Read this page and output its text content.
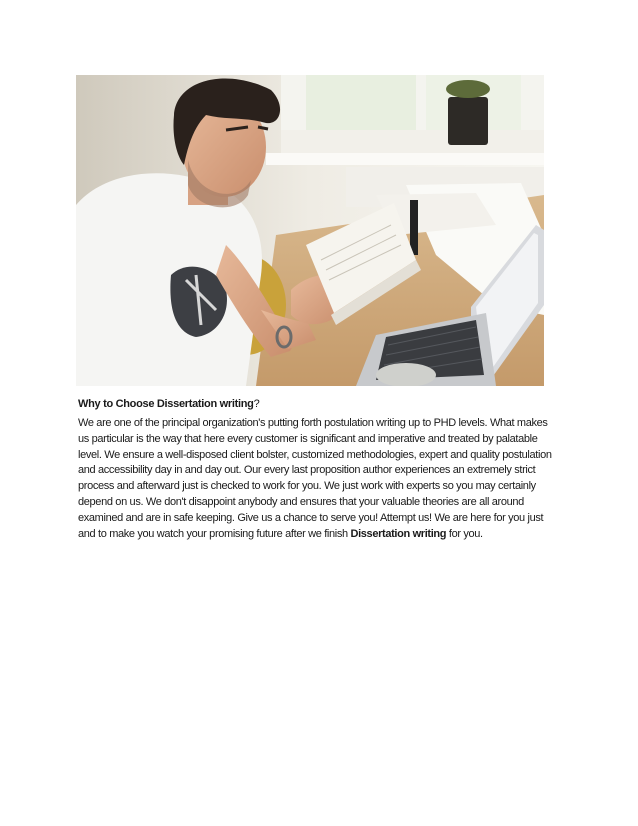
Why to Choose Dissertation writing?
We are one of the principal organization's putting forth postulation writing up to PHD levels. What makes us particular is the way that here every customer is significant and imperative and treated by palatable level. We ensure a well-disposed client bolster, customized methodologies, expert and quality postulation and accessibility day in and day out. Our every last proposition author experiences an extremely strict process and afterward just is checked to work for you. We just work with experts so you may certainly depend on us. We don't disappoint anybody and ensures that your valuable theories are all around examined and are in safe keeping. Give us a chance to serve you! Attempt us! We are here for you just and to make you watch your promising future after we finish Dissertation writing for you.
